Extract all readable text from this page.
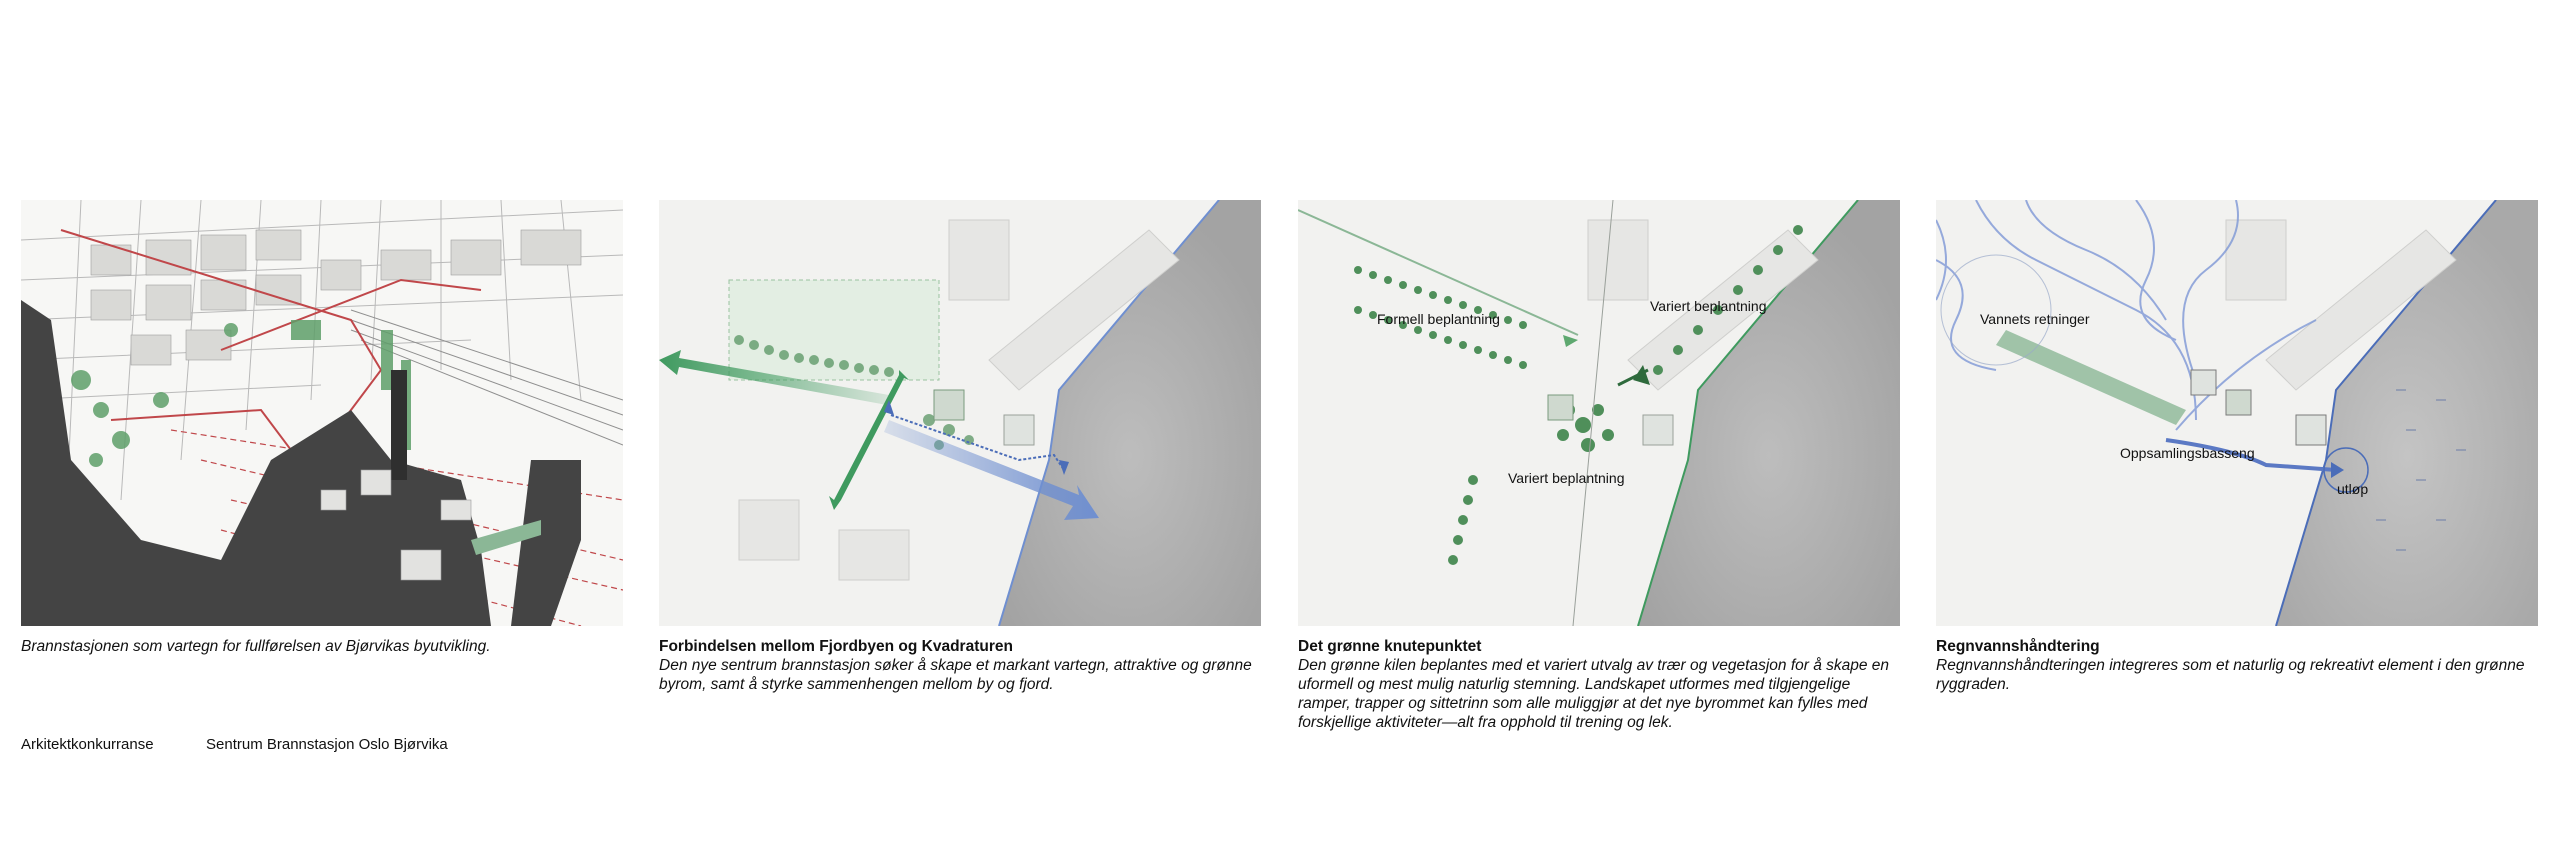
Brannstasjonen som vartegn for fullførelsen av Bjørvikas byutvikling.	Forbindelsen mellom Fjordbyen og Kvadraturen
Den nye sentrum brannstasjon søker å skape et markant vartegn, attraktive og grønne byrom, samt å styrke sammenhengen mellom by og fjord.
Formell beplantning
Variert beplantning
Variert beplantning
Det grønne knutepunktet
Den grønne kilen beplantes med et variert utvalg av trær og vegetasjon for å skape en uformell og mest mulig naturlig stemning. Landskapet utformes med tilgjengelige ramper, trapper og sittetrinn som alle muliggjør at det nye byrommet kan fylles med forskjellige aktiviteter—alt fra opphold til trening og lek.
Vannets retninger
Oppsamlingsbasseng
utløp
Regnvannshåndtering
Regnvannshåndteringen integreres som et naturlig og rekreativt element i den grønne ryggraden.
Arkitektkonkurranse	Sentrum Brannstasjon Oslo Bjørvika
